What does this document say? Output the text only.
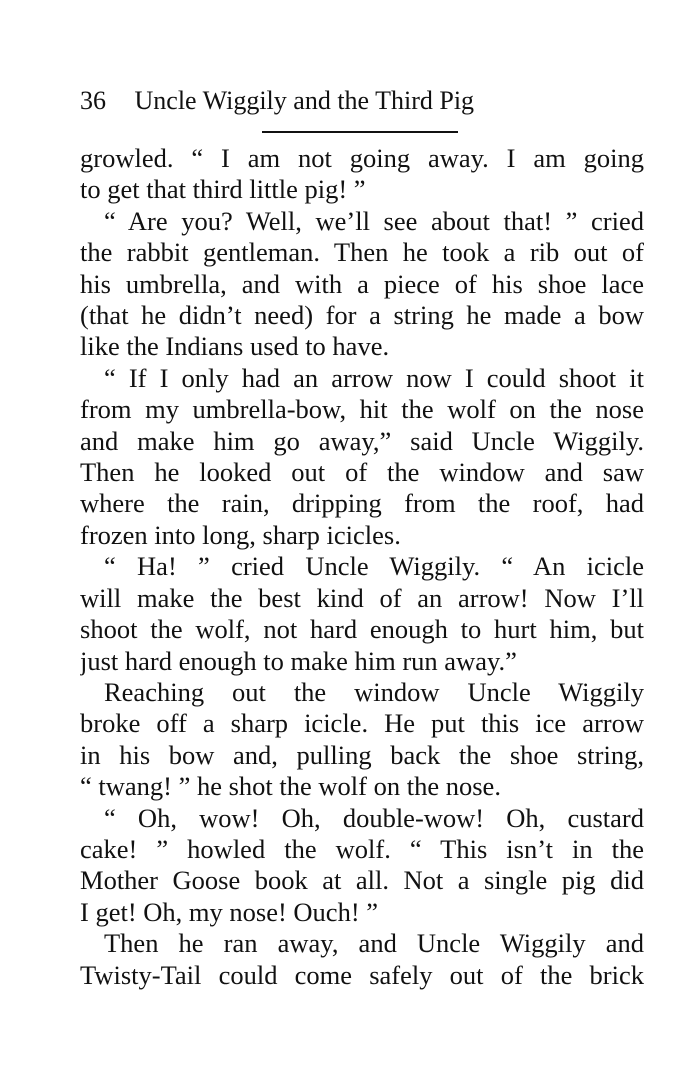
36 Uncle Wiggily and the Third Pig
growled. “ I am not going away. I am going
to get that third little pig! ”
“ Are you? Well, we’ll see about that! ” cried
the rabbit gentleman. Then he took a rib out of
his umbrella, and with a piece of his shoe lace
(that he didn’t need) for a string he made a bow
like the Indians used to have.
“ If I only had an arrow now I could shoot it
from my umbrella-bow, hit the wolf on the nose
and make him go away,” said Uncle Wiggily.
Then he looked out of the window and saw
where the rain, dripping from the roof, had
frozen into long, sharp icicles.
“ Ha! ” cried Uncle Wiggily. “ An icicle
will make the best kind of an arrow! Now I’ll
shoot the wolf, not hard enough to hurt him, but
just hard enough to make him run away.”
Reaching out the window Uncle Wiggily
broke off a sharp icicle. He put this ice arrow
in his bow and, pulling back the shoe string,
“ twang! ” he shot the wolf on the nose.
“ Oh, wow! Oh, double-wow! Oh, custard
cake! ” howled the wolf. “ This isn’t in the
Mother Goose book at all. Not a single pig did
I get! Oh, my nose! Ouch! ”
Then he ran away, and Uncle Wiggily and
Twisty-Tail could come safely out of the brick
